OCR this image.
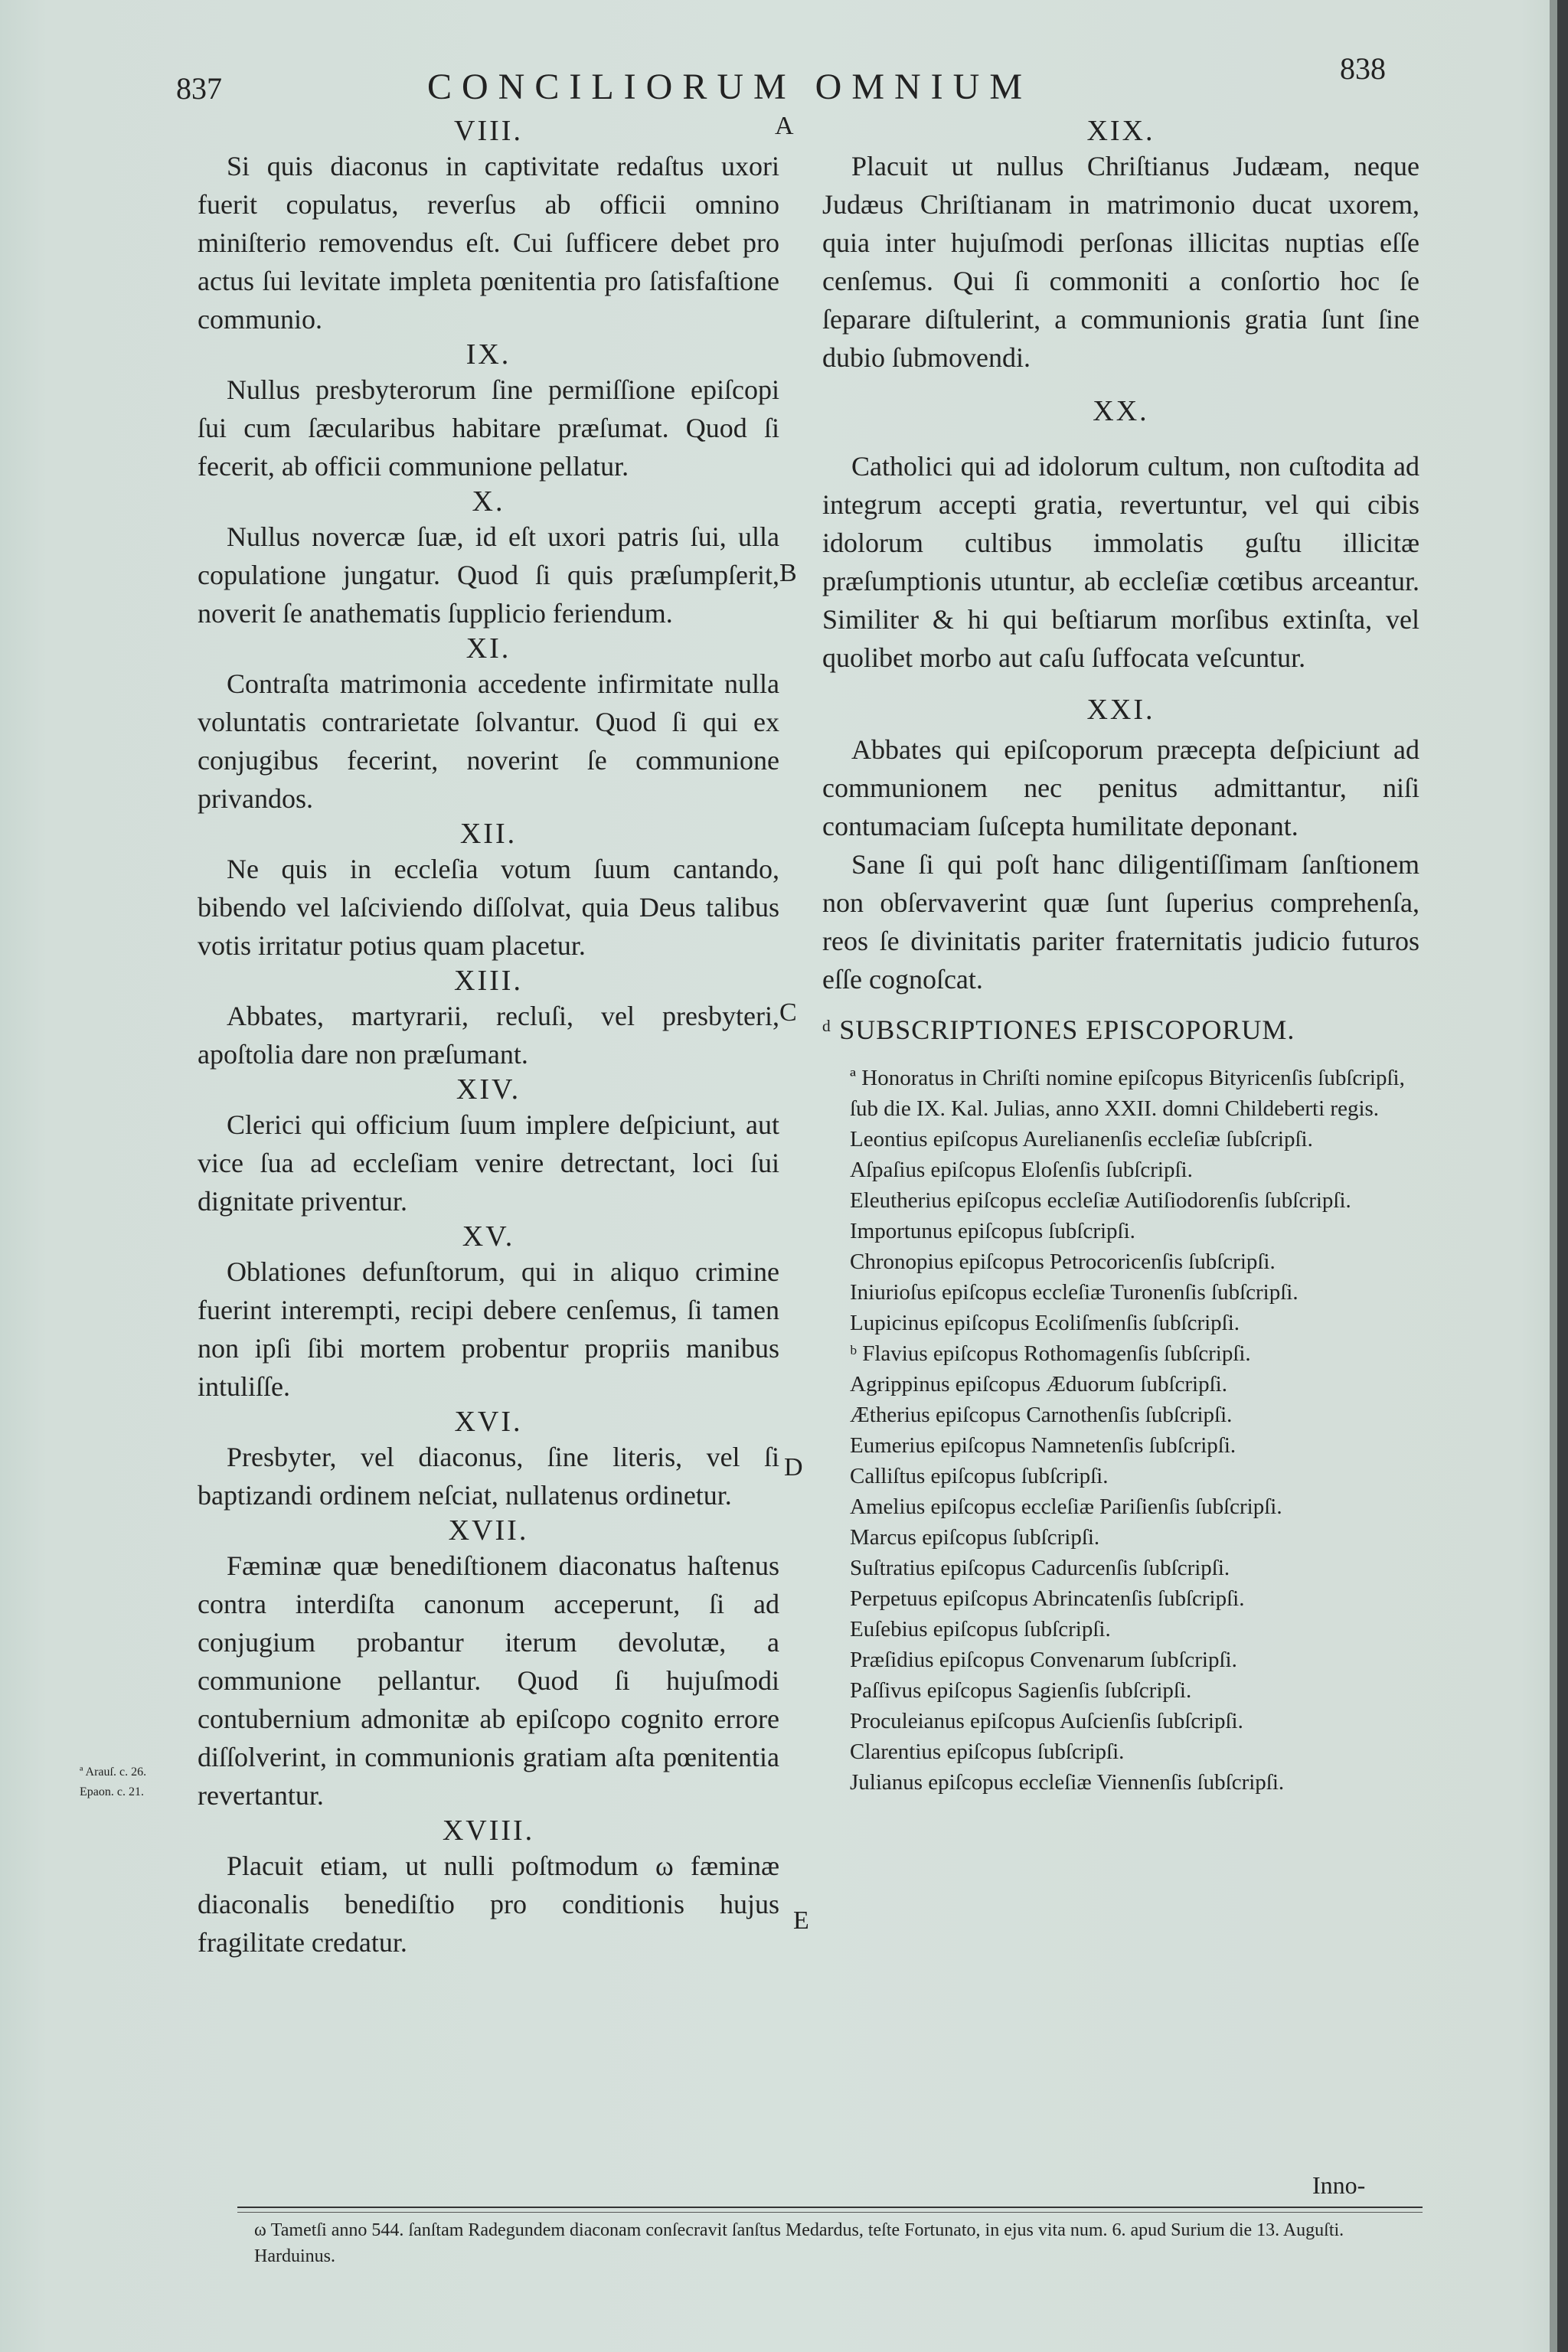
837	CONCILIORUM OMNIUM	838
A
B
C
D
E

VIII.

Si quis diaconus in captivitate redaſtus uxori fuerit copulatus, reverſus ab officii omnino miniſterio removendus eſt. Cui ſufficere debet pro actus ſui levitate impleta pœnitentia pro ſatisfaſtione communio.

IX.

Nullus presbyterorum ſine permiſſione epiſcopi ſui cum ſæcularibus habitare præſumat. Quod ſi fecerit, ab officii communione pellatur.

X.

Nullus novercæ ſuæ, id eſt uxori patris ſui, ulla copulatione jungatur. Quod ſi quis præſumpſerit, noverit ſe anathematis ſupplicio feriendum.

XI.

Contraſta matrimonia accedente infirmitate nulla voluntatis contrarietate ſolvantur. Quod ſi qui ex conjugibus fecerint, noverint ſe communione privandos.

XII.

Ne quis in eccleſia votum ſuum cantando, bibendo vel laſciviendo diſſolvat, quia Deus talibus votis irritatur potius quam placetur.

XIII.

Abbates, martyrarii, recluſi, vel presbyteri, apoſtolia dare non præſumant.

XIV.

Clerici qui officium ſuum implere deſpiciunt, aut vice ſua ad eccleſiam venire detrectant, loci ſui dignitate priventur.

XV.

Oblationes defunſtorum, qui in aliquo crimine fuerint interempti, recipi debere cenſemus, ſi tamen non ipſi ſibi mortem probentur propriis manibus intuliſſe.

XVI.

Presbyter, vel diaconus, ſine literis, vel ſi baptizandi ordinem neſciat, nullatenus ordinetur.

XVII.

Fæminæ quæ benediſtionem diaconatus haſtenus contra interdiſta canonum acceperunt, ſi ad conjugium probantur iterum devolutæ, a communione pellantur. Quod ſi hujuſmodi contubernium admonitæ ab epiſcopo cognito errore diſſolverint, in communionis gratiam aſta pœnitentia revertantur.

XVIII.

Placuit etiam, ut nulli poſtmodum ω fæminæ diaconalis benediſtio pro conditionis hujus fragilitate credatur.

ª Arauſ. c. 26.
Epaon. c. 21.

XIX.

Placuit ut nullus Chriſtianus Judæam, neque Judæus Chriſtianam in matrimonio ducat uxorem, quia inter hujuſmodi perſonas illicitas nuptias eſſe cenſemus. Qui ſi commoniti a conſortio hoc ſe ſeparare diſtulerint, a communionis gratia ſunt ſine dubio ſubmovendi.

XX.

Catholici qui ad idolorum cultum, non cuſtodita ad integrum accepti gratia, revertuntur, vel qui cibis idolorum cultibus immolatis guſtu illicitæ præſumptionis utuntur, ab eccleſiæ cœtibus arceantur. Similiter & hi qui beſtiarum morſibus extinſta, vel quolibet morbo aut caſu ſuffocata veſcuntur.

XXI.

Abbates qui epiſcoporum præcepta deſpiciunt ad communionem nec penitus admittantur, niſi contumaciam ſuſcepta humilitate deponant.

Sane ſi qui poſt hanc diligentiſſimam ſanſtionem non obſervaverint quæ ſunt ſuperius comprehenſa, reos ſe divinitatis pariter fraternitatis judicio futuros eſſe cognoſcat.

ᵈ SUBSCRIPTIONES EPISCOPORUM.

ª Honoratus in Chriſti nomine epiſcopus Bityricenſis ſubſcripſi, ſub die IX. Kal. Julias, anno XXII. domni Childeberti regis.

Leontius epiſcopus Aurelianenſis eccleſiæ ſubſcripſi.

Aſpaſius epiſcopus Eloſenſis ſubſcripſi.

Eleutherius epiſcopus eccleſiæ Autiſiodorenſis ſubſcripſi.

Importunus epiſcopus ſubſcripſi.

Chronopius epiſcopus Petrocoricenſis ſubſcripſi.

Iniurioſus epiſcopus eccleſiæ Turonenſis ſubſcripſi.

Lupicinus epiſcopus Ecoliſmenſis ſubſcripſi.

ᵇ Flavius epiſcopus Rothomagenſis ſubſcripſi.

Agrippinus epiſcopus Æduorum ſubſcripſi.

Ætherius epiſcopus Carnothenſis ſubſcripſi.

Eumerius epiſcopus Namnetenſis ſubſcripſi.

Calliſtus epiſcopus ſubſcripſi.

Amelius epiſcopus eccleſiæ Pariſienſis ſubſcripſi.

Marcus epiſcopus ſubſcripſi.

Suſtratius epiſcopus Cadurcenſis ſubſcripſi.

Perpetuus epiſcopus Abrincatenſis ſubſcripſi.

Euſebius epiſcopus ſubſcripſi.

Præſidius epiſcopus Convenarum ſubſcripſi.

Paſſivus epiſcopus Sagienſis ſubſcripſi.

Proculeianus epiſcopus Auſcienſis ſubſcripſi.

Clarentius epiſcopus ſubſcripſi.

Julianus epiſcopus eccleſiæ Viennenſis ſubſcripſi.

Inno-
ω Tametſi anno 544. ſanſtam Radegundem diaconam conſecravit ſanſtus Medardus, teſte Fortunato, in ejus vita num. 6. apud Surium die 13. Auguſti. Harduinus.
